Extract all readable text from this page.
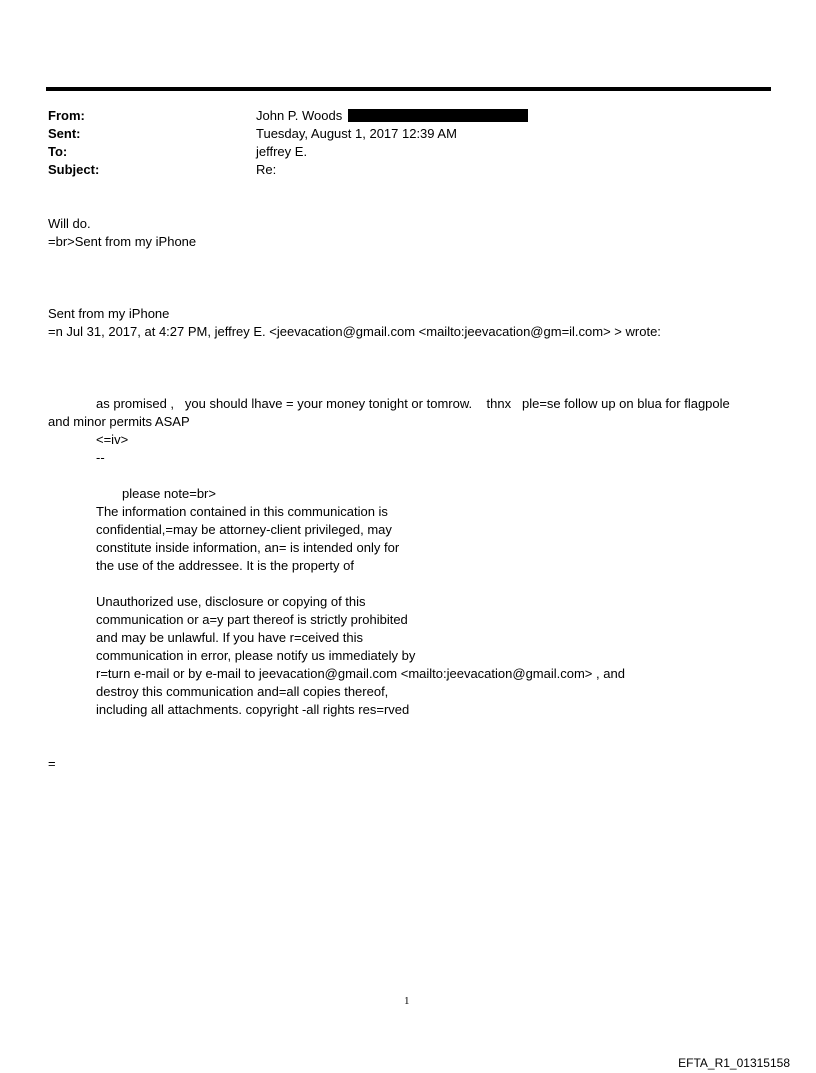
From:	John P. Woods
Sent:	Tuesday, August 1, 2017 12:39 AM
To:	jeffrey E.
Subject:	Re:
Will do.
=br>Sent from my iPhone
Sent from my iPhone
=n Jul 31, 2017, at 4:27 PM, jeffrey E. <jeevacation@gmail.com <mailto:jeevacation@gm=il.com> > wrote:
as promised ,   you should lhave = your money tonight or tomrow.    thnx   ple=se follow up on blua for flagpole
and minor permits ASAP
<=iv>
--
please note=br>
The information contained in this communication is
confidential,=may be attorney-client privileged, may
constitute inside information, an= is intended only for
the use of the addressee. It is the property of
Unauthorized use, disclosure or copying of this
communication or a=y part thereof is strictly prohibited
and may be unlawful. If you have r=ceived this
communication in error, please notify us immediately by
r=turn e-mail or by e-mail to jeevacation@gmail.com <mailto:jeevacation@gmail.com> , and
destroy this communication and=all copies thereof,
including all attachments. copyright -all rights res=rved
=
1
EFTA_R1_01315158
